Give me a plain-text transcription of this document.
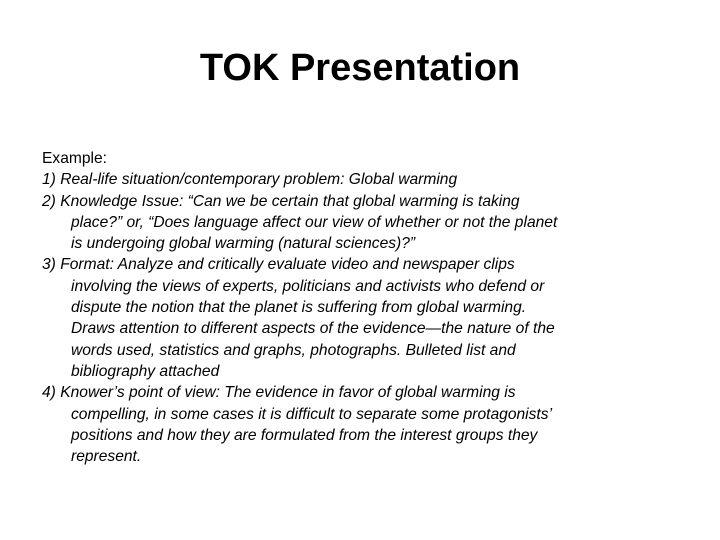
TOK Presentation
Example:
1) Real-life situation/contemporary problem: Global warming
2) Knowledge Issue: “Can we be certain that global warming is taking
place?” or, “Does language affect our view of whether or not the planet
is undergoing global warming (natural sciences)?”
3) Format: Analyze and critically evaluate video and newspaper clips
involving the views of experts, politicians and activists who defend or
dispute the notion that the planet is suffering from global warming.
Draws attention to different aspects of the evidence—the nature of the
words used, statistics and graphs, photographs. Bulleted list and
bibliography attached
4) Knower’s point of view: The evidence in favor of global warming is
compelling, in some cases it is difficult to separate some protagonists’
positions and how they are formulated from the interest groups they
represent.
